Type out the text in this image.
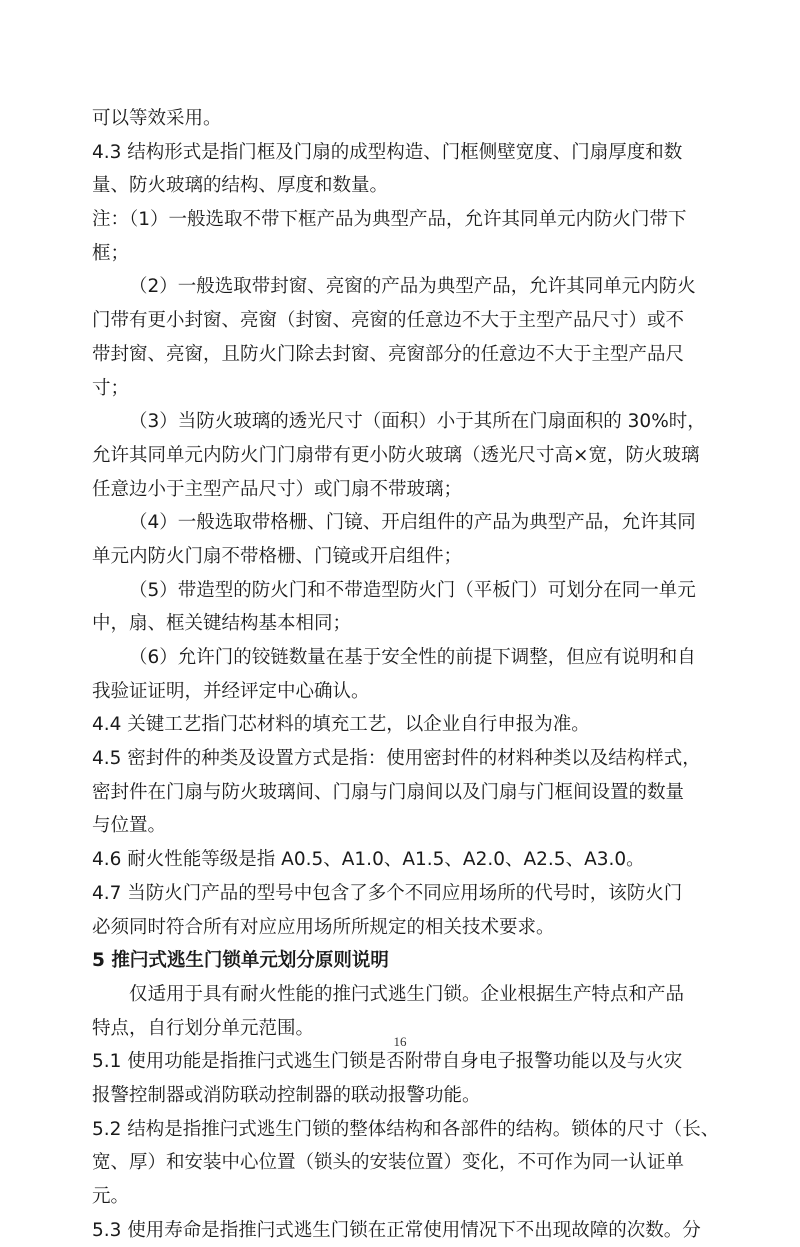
可以等效采用。
4.3 结构形式是指门框及门扇的成型构造、门框侧壁宽度、门扇厚度和数
量、防火玻璃的结构、厚度和数量。
注：（1）一般选取不带下框产品为典型产品，允许其同单元内防火门带下
框；
（2）一般选取带封窗、亮窗的产品为典型产品，允许其同单元内防火
门带有更小封窗、亮窗（封窗、亮窗的任意边不大于主型产品尺寸）或不
带封窗、亮窗，且防火门除去封窗、亮窗部分的任意边不大于主型产品尺
寸；
（3）当防火玻璃的透光尺寸（面积）小于其所在门扇面积的 30%时，
允许其同单元内防火门门扇带有更小防火玻璃（透光尺寸高×宽，防火玻璃
任意边小于主型产品尺寸）或门扇不带玻璃；
（4）一般选取带格栅、门镜、开启组件的产品为典型产品，允许其同
单元内防火门扇不带格栅、门镜或开启组件；
（5）带造型的防火门和不带造型防火门（平板门）可划分在同一单元
中，扇、框关键结构基本相同；
（6）允许门的铰链数量在基于安全性的前提下调整，但应有说明和自
我验证证明，并经评定中心确认。
4.4 关键工艺指门芯材料的填充工艺，以企业自行申报为准。
4.5 密封件的种类及设置方式是指：使用密封件的材料种类以及结构样式，
密封件在门扇与防火玻璃间、门扇与门扇间以及门扇与门框间设置的数量
与位置。
4.6 耐火性能等级是指 A0.5、A1.0、A1.5、A2.0、A2.5、A3.0。
4.7 当防火门产品的型号中包含了多个不同应用场所的代号时，该防火门
必须同时符合所有对应应用场所所规定的相关技术要求。
5 推闩式逃生门锁单元划分原则说明
仅适用于具有耐火性能的推闩式逃生门锁。企业根据生产特点和产品
特点，自行划分单元范围。
5.1 使用功能是指推闩式逃生门锁是否附带自身电子报警功能以及与火灾
报警控制器或消防联动控制器的联动报警功能。
5.2 结构是指推闩式逃生门锁的整体结构和各部件的结构。锁体的尺寸（长、
宽、厚）和安装中心位置（锁头的安装位置）变化，不可作为同一认证单
元。
5.3 使用寿命是指推闩式逃生门锁在正常使用情况下不出现故障的次数。分
16
